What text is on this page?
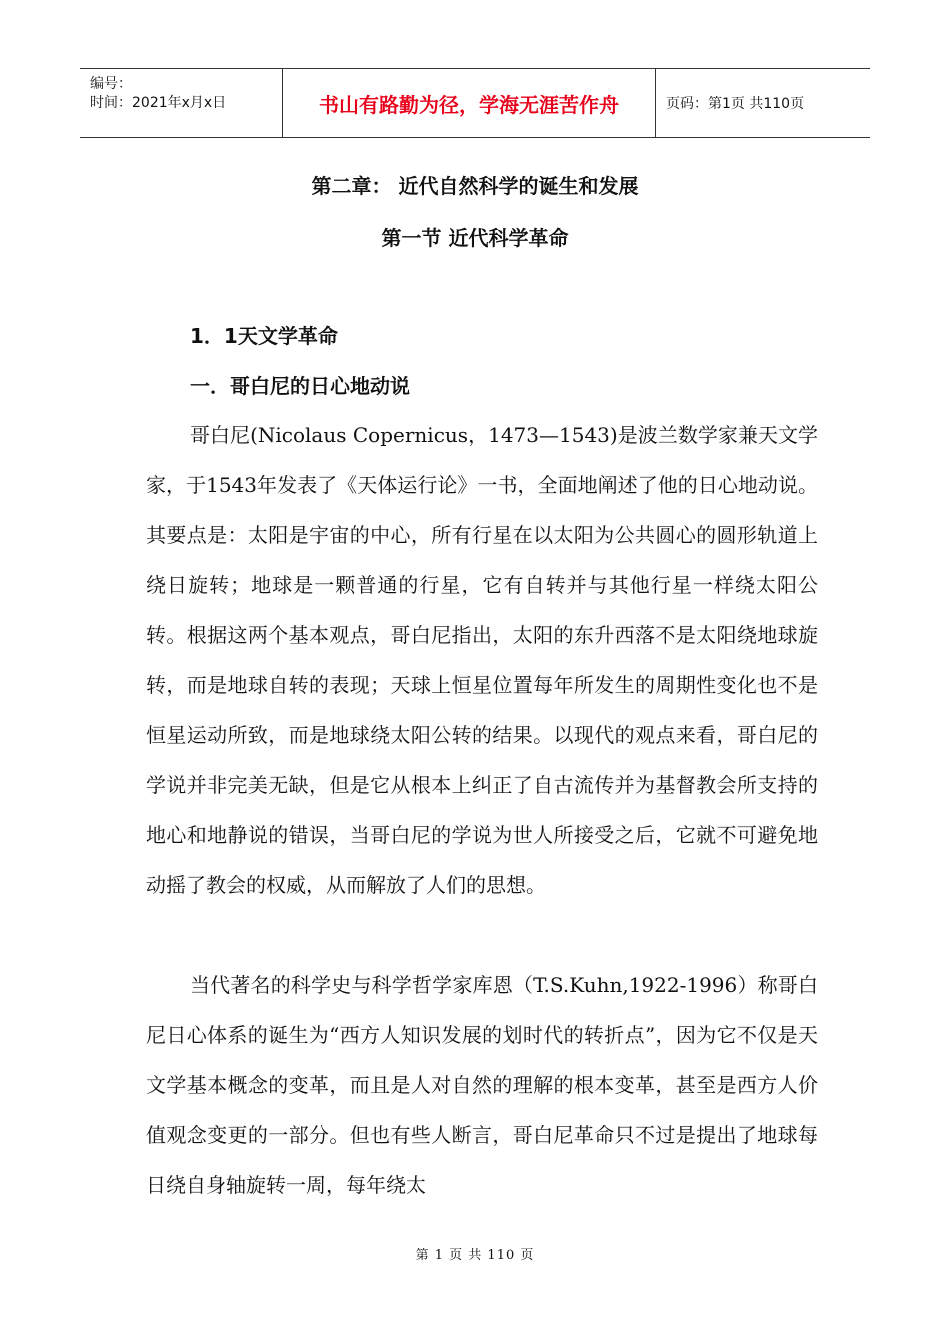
编号：
时间：2021年x月x日	书山有路勤为径，学海无涯苦作舟	页码：第1页 共110页
第二章： 近代自然科学的诞生和发展
第一节 近代科学革命
1．1天文学革命
一．哥白尼的日心地动说

哥白尼(Nicolaus Copernicus，1473—1543)是波兰数学家兼天文学家，于1543年发表了《天体运行论》一书，全面地阐述了他的日心地动说。其要点是：太阳是宇宙的中心，所有行星在以太阳为公共圆心的圆形轨道上绕日旋转；地球是一颗普通的行星，它有自转并与其他行星一样绕太阳公转。根据这两个基本观点，哥白尼指出，太阳的东升西落不是太阳绕地球旋转，而是地球自转的表现；天球上恒星位置每年所发生的周期性变化也不是恒星运动所致，而是地球绕太阳公转的结果。以现代的观点来看，哥白尼的学说并非完美无缺，但是它从根本上纠正了自古流传并为基督教会所支持的地心和地静说的错误，当哥白尼的学说为世人所接受之后，它就不可避免地动摇了教会的权威，从而解放了人们的思想。

当代著名的科学史与科学哲学家库恩（T.S.Kuhn,1922-1996）称哥白尼日心体系的诞生为“西方人知识发展的划时代的转折点”，因为它不仅是天文学基本概念的变革，而且是人对自然的理解的根本变革，甚至是西方人价值观念变更的一部分。但也有些人断言，哥白尼革命只不过是提出了地球每日绕自身轴旋转一周，每年绕太

第 1 页 共 110 页
